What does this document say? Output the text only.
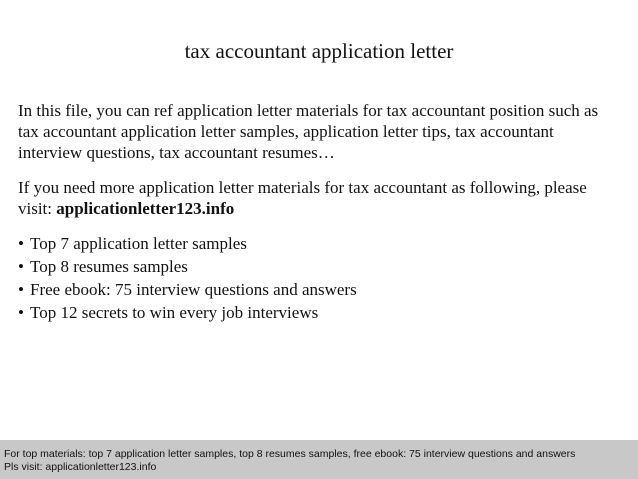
tax accountant application letter

In this file, you can ref application letter materials for tax accountant position such as tax accountant application letter samples, application letter tips, tax accountant interview questions, tax accountant resumes…

If you need more application letter materials for tax accountant as following, please visit: applicationletter123.info

• Top 7 application letter samples
• Top 8 resumes samples
• Free ebook: 75 interview questions and answers
• Top 12 secrets to win every job interviews
For top materials: top 7 application letter samples, top 8 resumes samples, free ebook: 75 interview questions and answers
Pls visit: applicationletter123.info
